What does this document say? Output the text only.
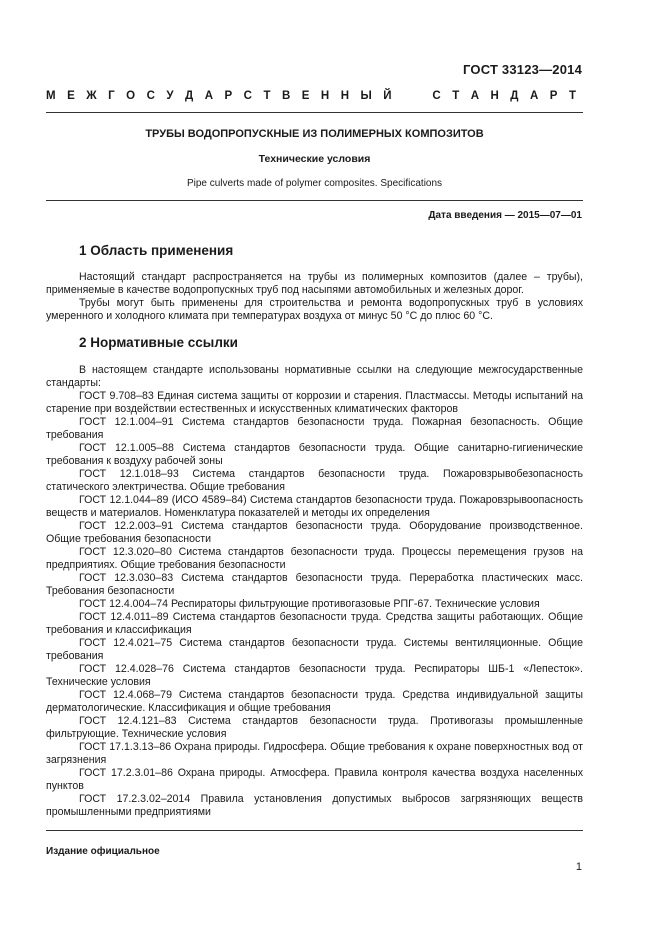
ГОСТ 33123—2014
М Е Ж Г О С У Д А Р С Т В Е Н Н Ы Й

	С Т А Н Д А Р Т
ТРУБЫ ВОДОПРОПУСКНЫЕ ИЗ ПОЛИМЕРНЫХ КОМПОЗИТОВ
Технические условия
Pipe culverts made of polymer composites. Specifications
Дата введения — 2015—07—01
1 Область применения

Настоящий стандарт распространяется на трубы из полимерных композитов (далее – трубы), применяемые в качестве водопропускных труб под насыпями автомобильных и железных дорог.

Трубы могут быть применены для строительства и ремонта водопропускных труб в условиях умеренного и холодного климата при температурах воздуха от минус 50 °С до плюс 60 °С.

2 Нормативные ссылки

В настоящем стандарте использованы нормативные ссылки на следующие межгосударственные стандарты:

ГОСТ 9.708–83 Единая система защиты от коррозии и старения. Пластмассы. Методы испытаний на старение при воздействии естественных и искусственных климатических факторов

ГОСТ 12.1.004–91 Система стандартов безопасности труда. Пожарная безопасность. Общие требования

ГОСТ 12.1.005–88 Система стандартов безопасности труда. Общие санитарно-гигиенические требования к воздуху рабочей зоны

ГОСТ 12.1.018–93 Система стандартов безопасности труда. Пожаровзрывобезопасность статического электричества. Общие требования

ГОСТ 12.1.044–89 (ИСО 4589–84) Система стандартов безопасности труда. Пожаровзрывоопасность веществ и материалов. Номенклатура показателей и методы их определения

ГОСТ 12.2.003–91 Система стандартов безопасности труда. Оборудование производственное. Общие требования безопасности

ГОСТ 12.3.020–80 Система стандартов безопасности труда. Процессы перемещения грузов на предприятиях. Общие требования безопасности

ГОСТ 12.3.030–83 Система стандартов безопасности труда. Переработка пластических масс. Требования безопасности

ГОСТ 12.4.004–74 Респираторы фильтрующие противогазовые РПГ-67. Технические условия

ГОСТ 12.4.011–89 Система стандартов безопасности труда. Средства защиты работающих. Общие требования и классификация

ГОСТ 12.4.021–75 Система стандартов безопасности труда. Системы вентиляционные. Общие требования

ГОСТ 12.4.028–76 Система стандартов безопасности труда. Респираторы ШБ-1 «Лепесток». Технические условия

ГОСТ 12.4.068–79 Система стандартов безопасности труда. Средства индивидуальной защиты дерматологические. Классификация и общие требования

ГОСТ 12.4.121–83 Система стандартов безопасности труда. Противогазы промышленные фильтрующие. Технические условия

ГОСТ 17.1.3.13–86 Охрана природы. Гидросфера. Общие требования к охране поверхностных вод от загрязнения

ГОСТ 17.2.3.01–86 Охрана природы. Атмосфера. Правила контроля качества воздуха населенных пунктов

ГОСТ 17.2.3.02–2014 Правила установления допустимых выбросов загрязняющих веществ промышленными предприятиями

Издание официальное
1
